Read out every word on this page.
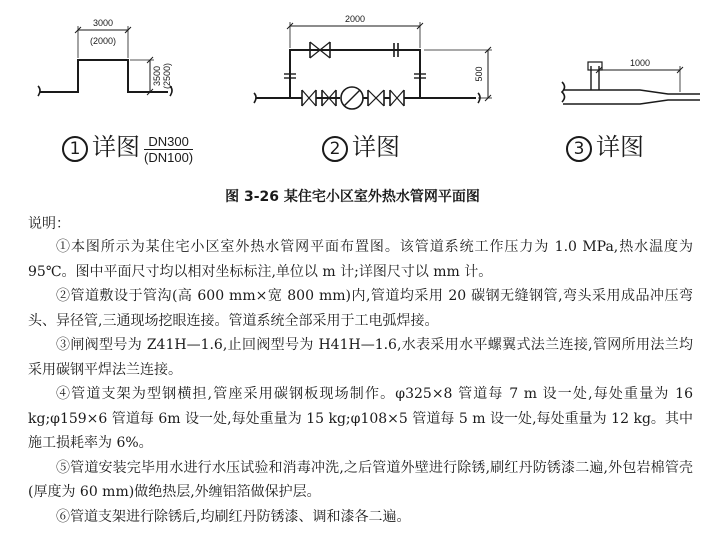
3000
(2000)
3500 (2500)
2000
500
1000
1 详图 $\frac{DN300}{(DN100)}$	2 详图	3 详图
图 3-26 某住宅小区室外热水管网平面图
说明：

①本图所示为某住宅小区室外热水管网平面布置图。该管道系统工作压力为 1.0 MPa,热水温度为95℃。图中平面尺寸均以相对坐标标注,单位以 m 计;详图尺寸以 mm 计。

②管道敷设于管沟(高 600 mm×宽 800 mm)内,管道均采用 20 碳钢无缝钢管,弯头采用成品冲压弯头、异径管,三通现场挖眼连接。管道系统全部采用于工电弧焊接。

③闸阀型号为 Z41H—1.6,止回阀型号为 H41H—1.6,水表采用水平螺翼式法兰连接,管网所用法兰均采用碳钢平焊法兰连接。

④管道支架为型钢横担,管座采用碳钢板现场制作。φ325×8 管道每 7 m 设一处,每处重量为 16 kg;φ159×6 管道每 6m 设一处,每处重量为 15 kg;φ108×5 管道每 5 m 设一处,每处重量为 12 kg。其中施工损耗率为 6%。

⑤管道安装完毕用水进行水压试验和消毒冲洗,之后管道外壁进行除锈,刷红丹防锈漆二遍,外包岩棉管壳(厚度为 60 mm)做绝热层,外缠铝箔做保护层。

⑥管道支架进行除锈后,均刷红丹防锈漆、调和漆各二遍。
